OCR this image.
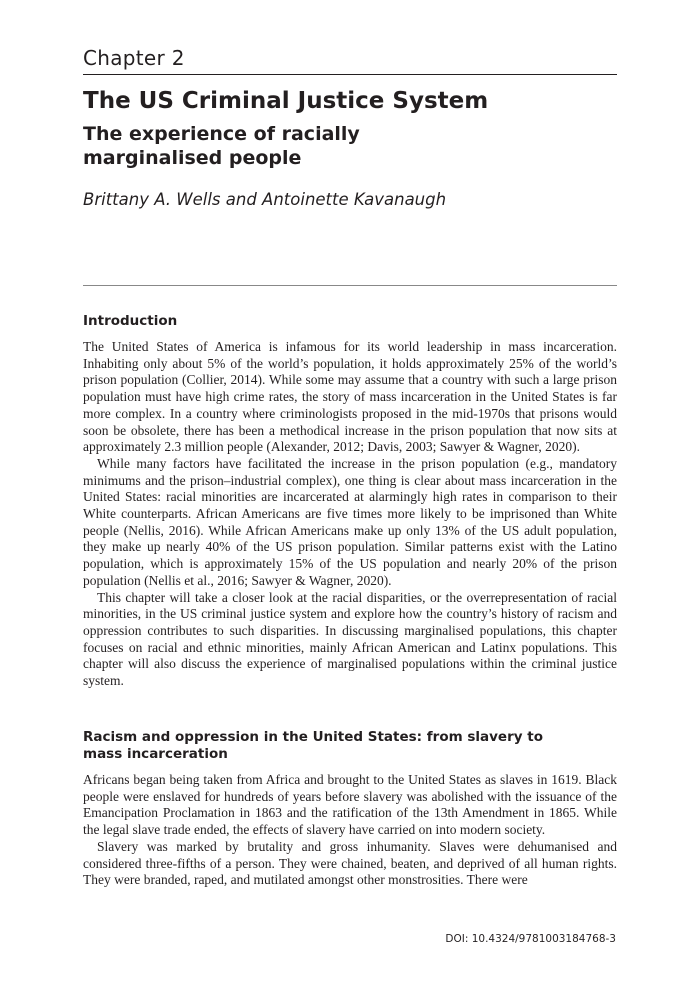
Chapter 2
The US Criminal Justice System
The experience of racially marginalised people
Brittany A. Wells and Antoinette Kavanaugh
Introduction

The United States of America is infamous for its world leadership in mass incarceration. Inhabiting only about 5% of the world’s population, it holds approximately 25% of the world’s prison population (Collier, 2014). While some may assume that a country with such a large prison population must have high crime rates, the story of mass incarceration in the United States is far more complex. In a country where criminologists proposed in the mid-1970s that prisons would soon be obsolete, there has been a methodical increase in the prison population that now sits at approximately 2.3 million people (Alexander, 2012; Davis, 2003; Sawyer & Wagner, 2020).

While many factors have facilitated the increase in the prison population (e.g., mandatory minimums and the prison–industrial complex), one thing is clear about mass incarceration in the United States: racial minorities are incarcerated at alarmingly high rates in comparison to their White counterparts. African Americans are five times more likely to be imprisoned than White people (Nellis, 2016). While African Americans make up only 13% of the US adult population, they make up nearly 40% of the US prison population. Similar patterns exist with the Latino population, which is approximately 15% of the US population and nearly 20% of the prison population (Nellis et al., 2016; Sawyer & Wagner, 2020).

This chapter will take a closer look at the racial disparities, or the overrepresentation of racial minorities, in the US criminal justice system and explore how the country’s history of racism and oppression contributes to such disparities. In discussing marginalised populations, this chapter focuses on racial and ethnic minorities, mainly African American and Latinx populations. This chapter will also discuss the experience of marginalised populations within the criminal justice system.

Racism and oppression in the United States: from slavery to mass incarceration

Africans began being taken from Africa and brought to the United States as slaves in 1619. Black people were enslaved for hundreds of years before slavery was abolished with the issuance of the Emancipation Proclamation in 1863 and the ratification of the 13th Amendment in 1865. While the legal slave trade ended, the effects of slavery have carried on into modern society.

Slavery was marked by brutality and gross inhumanity. Slaves were dehumanised and considered three-fifths of a person. They were chained, beaten, and deprived of all human rights. They were branded, raped, and mutilated amongst other monstrosities. There were

DOI: 10.4324/9781003184768-3
